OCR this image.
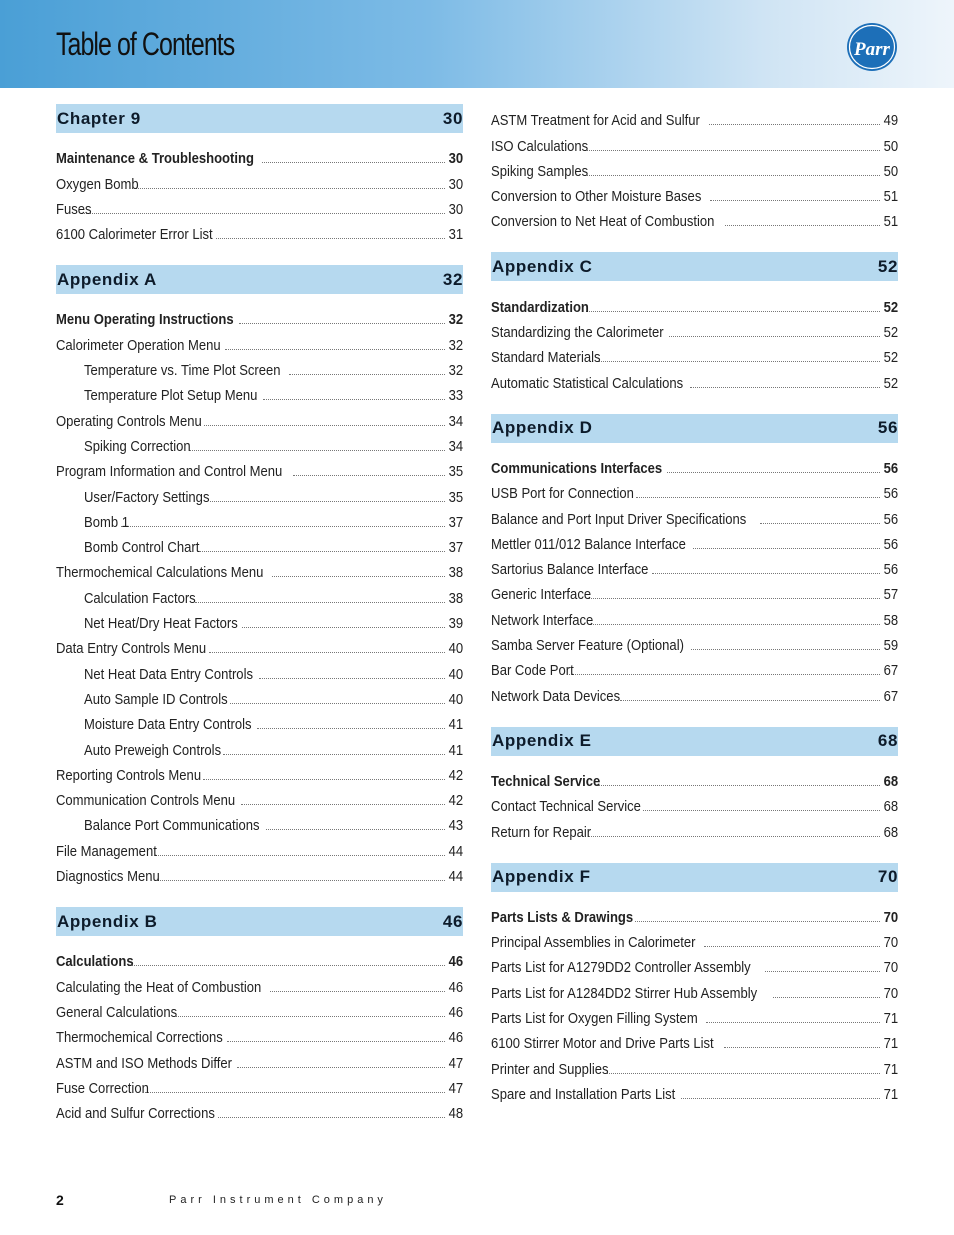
Table of Contents	Parr
Chapter 9	30
Maintenance & Troubleshooting	30
Oxygen Bomb	30
Fuses	30
6100 Calorimeter Error List	31
Appendix A	32
Menu Operating Instructions	32
Calorimeter Operation Menu	32
Temperature vs. Time Plot Screen	32
Temperature Plot Setup Menu	33
Operating Controls Menu	34
Spiking Correction	34
Program Information and Control Menu	35
User/Factory Settings	35
Bomb 1	37
Bomb Control Chart	37
Thermochemical Calculations Menu	38
Calculation Factors	38
Net Heat/Dry Heat Factors	39
Data Entry Controls Menu	40
Net Heat Data Entry Controls	40
Auto Sample ID Controls	40
Moisture Data Entry Controls	41
Auto Preweigh Controls	41
Reporting Controls Menu	42
Communication Controls Menu	42
Balance Port Communications	43
File Management	44
Diagnostics Menu	44
Appendix B	46
Calculations	46
Calculating the Heat of Combustion	46
General Calculations	46
Thermochemical Corrections	46
ASTM and ISO Methods Differ	47
Fuse Correction	47
Acid and Sulfur Corrections	48
ASTM Treatment for Acid and Sulfur	49
ISO Calculations	50
Spiking Samples	50
Conversion to Other Moisture Bases	51
Conversion to Net Heat of Combustion	51
Appendix C	52
Standardization	52
Standardizing the Calorimeter	52
Standard Materials	52
Automatic Statistical Calculations	52
Appendix D	56
Communications Interfaces	56
USB Port for Connection	56
Balance and Port Input Driver Specifications	56
Mettler 011/012 Balance Interface	56
Sartorius Balance Interface	56
Generic Interface	57
Network Interface	58
Samba Server Feature (Optional)	59
Bar Code Port	67
Network Data Devices	67
Appendix E	68
Technical Service	68
Contact Technical Service	68
Return for Repair	68
Appendix F	70
Parts Lists & Drawings	70
Principal Assemblies in Calorimeter	70
Parts List for A1279DD2 Controller Assembly	70
Parts List for A1284DD2 Stirrer Hub Assembly	70
Parts List for Oxygen Filling System	71
6100 Stirrer Motor and Drive Parts List	71
Printer and Supplies	71
Spare and Installation Parts List	71
2	Parr Instrument Company
